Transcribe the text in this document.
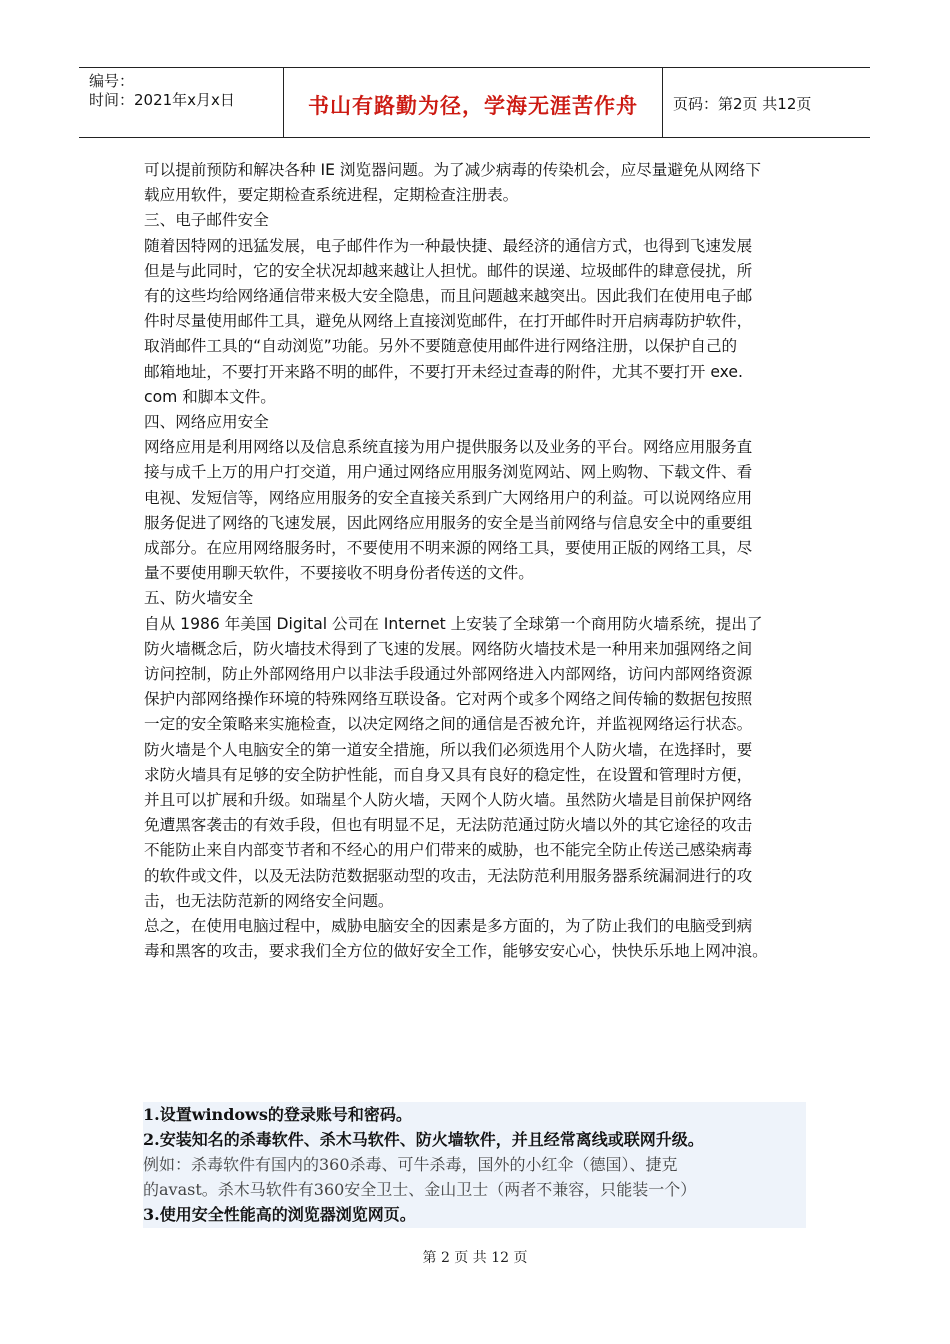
编号：
时间：2021年x月x日	书山有路勤为径，学海无涯苦作舟	页码：第2页 共12页

可以提前预防和解决各种 IE 浏览器问题。为了减少病毒的传染机会，应尽量避免从网络下
载应用软件，要定期检查系统进程，定期检查注册表。

三、电子邮件安全

随着因特网的迅猛发展，电子邮件作为一种最快捷、最经济的通信方式，也得到飞速发展
但是与此同时，它的安全状况却越来越让人担忧。邮件的误递、垃圾邮件的肆意侵扰，所
有的这些均给网络通信带来极大安全隐患，而且问题越来越突出。因此我们在使用电子邮
件时尽量使用邮件工具，避免从网络上直接浏览邮件，在打开邮件时开启病毒防护软件，
取消邮件工具的“自动浏览”功能。另外不要随意使用邮件进行网络注册，以保护自己的
邮箱地址，不要打开来路不明的邮件，不要打开未经过查毒的附件，尤其不要打开 exe.
com 和脚本文件。

四、网络应用安全

网络应用是利用网络以及信息系统直接为用户提供服务以及业务的平台。网络应用服务直
接与成千上万的用户打交道，用户通过网络应用服务浏览网站、网上购物、下载文件、看
电视、发短信等，网络应用服务的安全直接关系到广大网络用户的利益。可以说网络应用
服务促进了网络的飞速发展，因此网络应用服务的安全是当前网络与信息安全中的重要组
成部分。在应用网络服务时，不要使用不明来源的网络工具，要使用正版的网络工具，尽
量不要使用聊天软件，不要接收不明身份者传送的文件。

五、防火墙安全

自从 1986 年美国 Digital 公司在 Internet 上安装了全球第一个商用防火墙系统，提出了
防火墙概念后，防火墙技术得到了飞速的发展。网络防火墙技术是一种用来加强网络之间
访问控制，防止外部网络用户以非法手段通过外部网络进入内部网络，访问内部网络资源
保护内部网络操作环境的特殊网络互联设备。它对两个或多个网络之间传输的数据包按照
一定的安全策略来实施检查，以决定网络之间的通信是否被允许，并监视网络运行状态。

防火墙是个人电脑安全的第一道安全措施，所以我们必须选用个人防火墙，在选择时，要
求防火墙具有足够的安全防护性能，而自身又具有良好的稳定性，在设置和管理时方便，
并且可以扩展和升级。如瑞星个人防火墙，天网个人防火墙。虽然防火墙是目前保护网络
免遭黑客袭击的有效手段，但也有明显不足，无法防范通过防火墙以外的其它途径的攻击
不能防止来自内部变节者和不经心的用户们带来的威胁，也不能完全防止传送己感染病毒
的软件或文件，以及无法防范数据驱动型的攻击，无法防范利用服务器系统漏洞进行的攻
击，也无法防范新的网络安全问题。

总之，在使用电脑过程中，威胁电脑安全的因素是多方面的，为了防止我们的电脑受到病
毒和黑客的攻击，要求我们全方位的做好安全工作，能够安安心心，快快乐乐地上网冲浪。

1.设置windows的登录账号和密码。
2.安装知名的杀毒软件、杀木马软件、防火墙软件，并且经常离线或联网升级。
例如：杀毒软件有国内的360杀毒、可牛杀毒，国外的小红伞（德国）、捷克
的avast。杀木马软件有360安全卫士、金山卫士（两者不兼容，只能装一个）
3.使用安全性能高的浏览器浏览网页。
第 2 页 共 12 页
